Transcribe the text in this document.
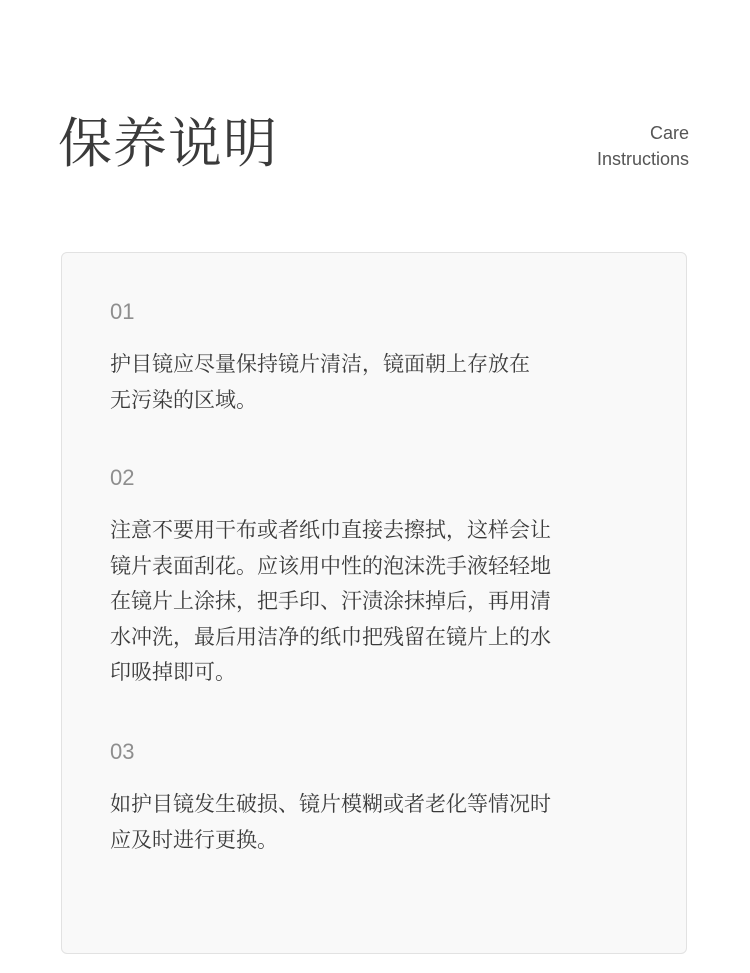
保养说明	Care
Instructions

01

护目镜应尽量保持镜片清洁，镜面朝上存放在
无污染的区域。

02

注意不要用干布或者纸巾直接去擦拭，这样会让
镜片表面刮花。应该用中性的泡沫洗手液轻轻地
在镜片上涂抹，把手印、汗渍涂抹掉后，再用清
水冲洗，最后用洁净的纸巾把残留在镜片上的水
印吸掉即可。

03

如护目镜发生破损、镜片模糊或者老化等情况时
应及时进行更换。
